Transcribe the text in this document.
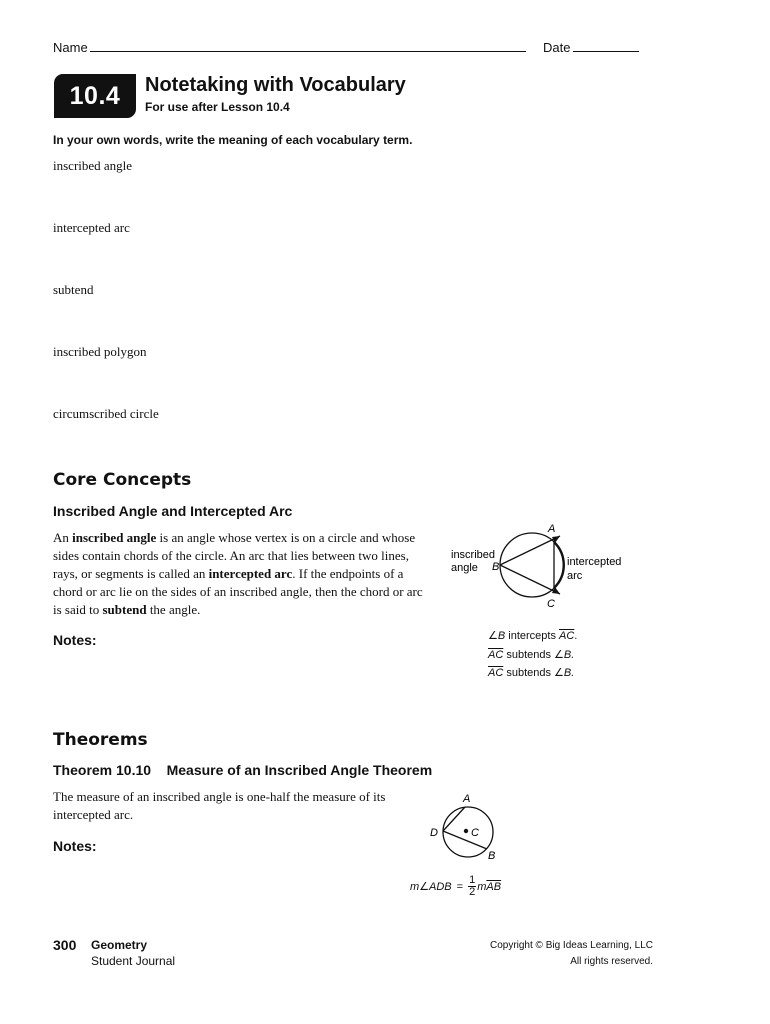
Name	Date
10.4	Notetaking with Vocabulary
For use after Lesson 10.4
In your own words, write the meaning of each vocabulary term.
inscribed angle
intercepted arc
subtend
inscribed polygon
circumscribed circle
Core Concepts
Inscribed Angle and Intercepted Arc
An inscribed angle is an angle whose vertex is on a circle and whose sides contain chords of the circle. An arc that lies between two lines, rays, or segments is called an intercepted arc. If the endpoints of a chord or arc lie on the sides of an inscribed angle, then the chord or arc is said to subtend the angle.
Notes:
A
B
C
inscribed
angle	intercepted
arc
∠B intercepts $\overline{AC}$.
$\overline{AC}$ subtends ∠B.
$\overline{AC}$ subtends ∠B.
Theorems
Theorem 10.10    Measure of an Inscribed Angle Theorem
The measure of an inscribed angle is one-half the measure of its intercepted arc.
Notes:
A
D	C
B
m∠ADB = $\frac{1}{2} m\overline{AB}$
300 Geometry
Student Journal
Copyright © Big Ideas Learning, LLC
All rights reserved.
